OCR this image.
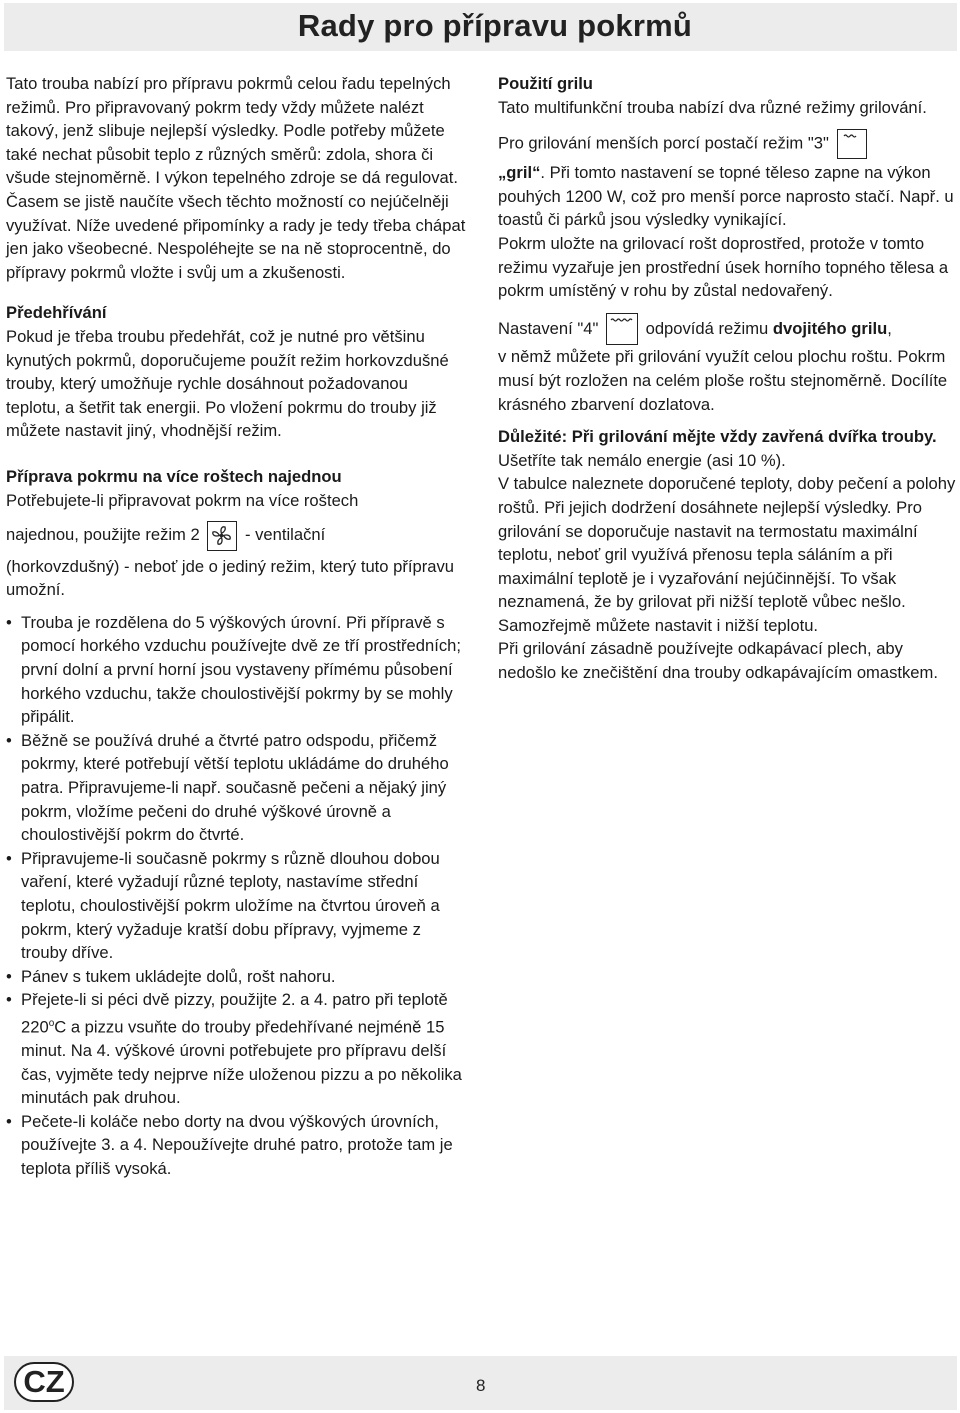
Rady pro přípravu pokrmů

Tato trouba nabízí pro přípravu pokrmů celou řadu tepelných režimů. Pro připravovaný pokrm tedy vždy můžete nalézt takový, jenž slibuje nejlepší výsledky. Podle potřeby můžete také nechat působit teplo z různých směrů: zdola, shora či všude stejnoměrně. I výkon tepelného zdroje se dá regulovat. Časem se jistě naučíte všech těchto možností co nejúčelněji využívat. Níže uvedené připomínky a rady je tedy třeba chápat jen jako všeobecné. Nespoléhejte se na ně stoprocentně, do přípravy pokrmů vložte i svůj um a zkušenosti.

Předehřívání

Pokud je třeba troubu předehřát, což je nutné pro většinu kynutých pokrmů, doporučujeme použít režim horkovzdušné trouby, který umožňuje rychle dosáhnout požadovanou teplotu, a šetřit tak energii. Po vložení pokrmu do trouby již můžete nastavit jiný, vhodnější režim.

Příprava pokrmu na více roštech najednou

Potřebujete-li připravovat pokrm na více roštech

najednou, použijte režim 2	- ventilační

(horkovzdušný) - neboť jde o jediný režim, který tuto přípravu umožní.

• Trouba je rozdělena do 5 výškových úrovní. Při přípravě s pomocí horkého vzduchu používejte dvě ze tří prostředních; první dolní a první horní jsou vystaveny přímému působení horkého vzduchu, takže choulostivější pokrmy by se mohly připálit.
• Běžně se používá druhé a čtvrté patro odspodu, přičemž pokrmy, které potřebují větší teplotu ukládáme do druhého patra. Připravujeme-li např. současně pečeni a nějaký jiný pokrm, vložíme pečeni do druhé výškové úrovně a choulostivější pokrm do čtvrté.
• Připravujeme-li současně pokrmy s různě dlouhou dobou vaření, které vyžadují různé teploty, nastavíme střední teplotu, choulostivější pokrm uložíme na čtvrtou úroveň a pokrm, který vyžaduje kratší dobu přípravy, vyjmeme z trouby dříve.
• Pánev s tukem ukládejte dolů, rošt nahoru.
• Přejete-li si péci dvě pizzy, použijte 2. a 4. patro při teplotě 220$^o$C a pizzu vsuňte do trouby předehřívané nejméně 15 minut. Na 4. výškové úrovni potřebujete pro přípravu delší čas, vyjměte tedy nejprve níže uloženou pizzu a po několika minutách pak druhou.
• Pečete-li koláče nebo dorty na dvou výškových úrovních, používejte 3. a 4. Nepoužívejte druhé patro, protože tam je teplota příliš vysoká.

Použití grilu

Tato multifunkční trouba nabízí dva různé režimy grilování.

Pro grilování menších porcí postačí režim "3"

„gril“. Při tomto nastavení se topné těleso zapne na výkon pouhých 1200 W, což pro menší porce naprosto stačí. Např. u toastů či párků jsou výsledky vynikající.

Pokrm uložte na grilovací rošt doprostřed, protože v tomto režimu vyzařuje jen prostřední úsek horního topného tělesa a pokrm umístěný v rohu by zůstal nedovařený.

Nastavení "4"	odpovídá režimu dvojitého grilu,

v němž můžete při grilování využít celou plochu roštu. Pokrm musí být rozložen na celém ploše roštu stejnoměrně. Docílíte krásného zbarvení dozlatova.

Důležité: Při grilování mějte vždy zavřená dvířka trouby. Ušetříte tak nemálo energie (asi 10 %).

V tabulce naleznete doporučené teploty, doby pečení a polohy roštů. Při jejich dodržení dosáhnete nejlepší výsledky. Pro grilování se doporučuje nastavit na termostatu maximální teplotu, neboť gril využívá přenosu tepla sáláním a při maximální teplotě je i vyzařování nejúčinnější. To však neznamená, že by grilovat při nižší teplotě vůbec nešlo. Samozřejmě můžete nastavit i nižší teplotu.

Při grilování zásadně používejte odkapávací plech, aby nedošlo ke znečištění dna trouby odkapávajícím omastkem.

CZ	8
